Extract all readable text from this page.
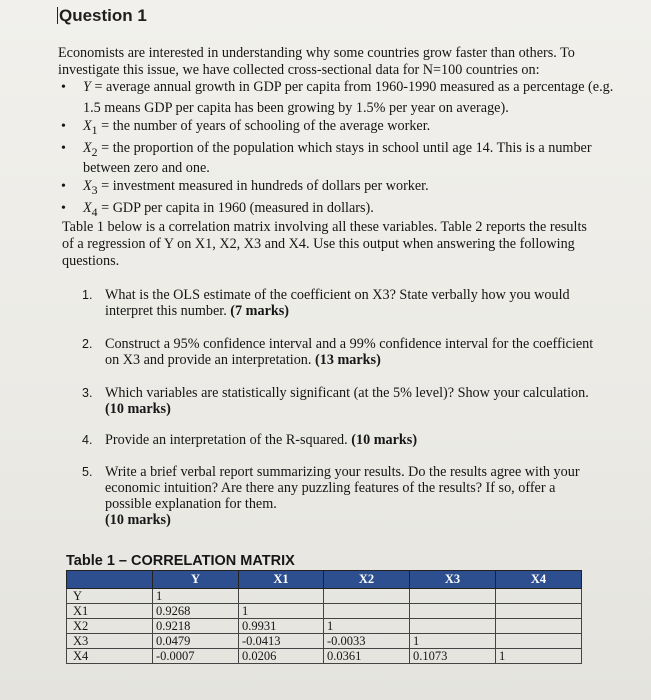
Question 1
Economists are interested in understanding why some countries grow faster than others. To investigate this issue, we have collected cross-sectional data for N=100 countries on:
• Y = average annual growth in GDP per capita from 1960-1990 measured as a percentage (e.g. 1.5 means GDP per capita has been growing by 1.5% per year on average).
• $X_1$ = the number of years of schooling of the average worker.
• $X_2$ = the proportion of the population which stays in school until age 14. This is a number between zero and one.
• $X_3$ = investment measured in hundreds of dollars per worker.
• $X_4$ = GDP per capita in 1960 (measured in dollars).
Table 1 below is a correlation matrix involving all these variables. Table 2 reports the results of a regression of Y on X1, X2, X3 and X4. Use this output when answering the following questions.
1. What is the OLS estimate of the coefficient on X3? State verbally how you would interpret this number. (7 marks)
2. Construct a 95% confidence interval and a 99% confidence interval for the coefficient on X3 and provide an interpretation. (13 marks)
3. Which variables are statistically significant (at the 5% level)? Show your calculation. (10 marks)
4. Provide an interpretation of the R-squared. (10 marks)
5. Write a brief verbal report summarizing your results. Do the results agree with your economic intuition? Are there any puzzling features of the results? If so, offer a possible explanation for them.
(10 marks)
Table 1 – CORRELATION MATRIX
	Y	X1	X2	X3	X4
Y	1				
X1	0.9268	1			
X2	0.9218	0.9931	1		
X3	0.0479	-0.0413	-0.0033	1	
X4	-0.0007	0.0206	0.0361	0.1073	1
